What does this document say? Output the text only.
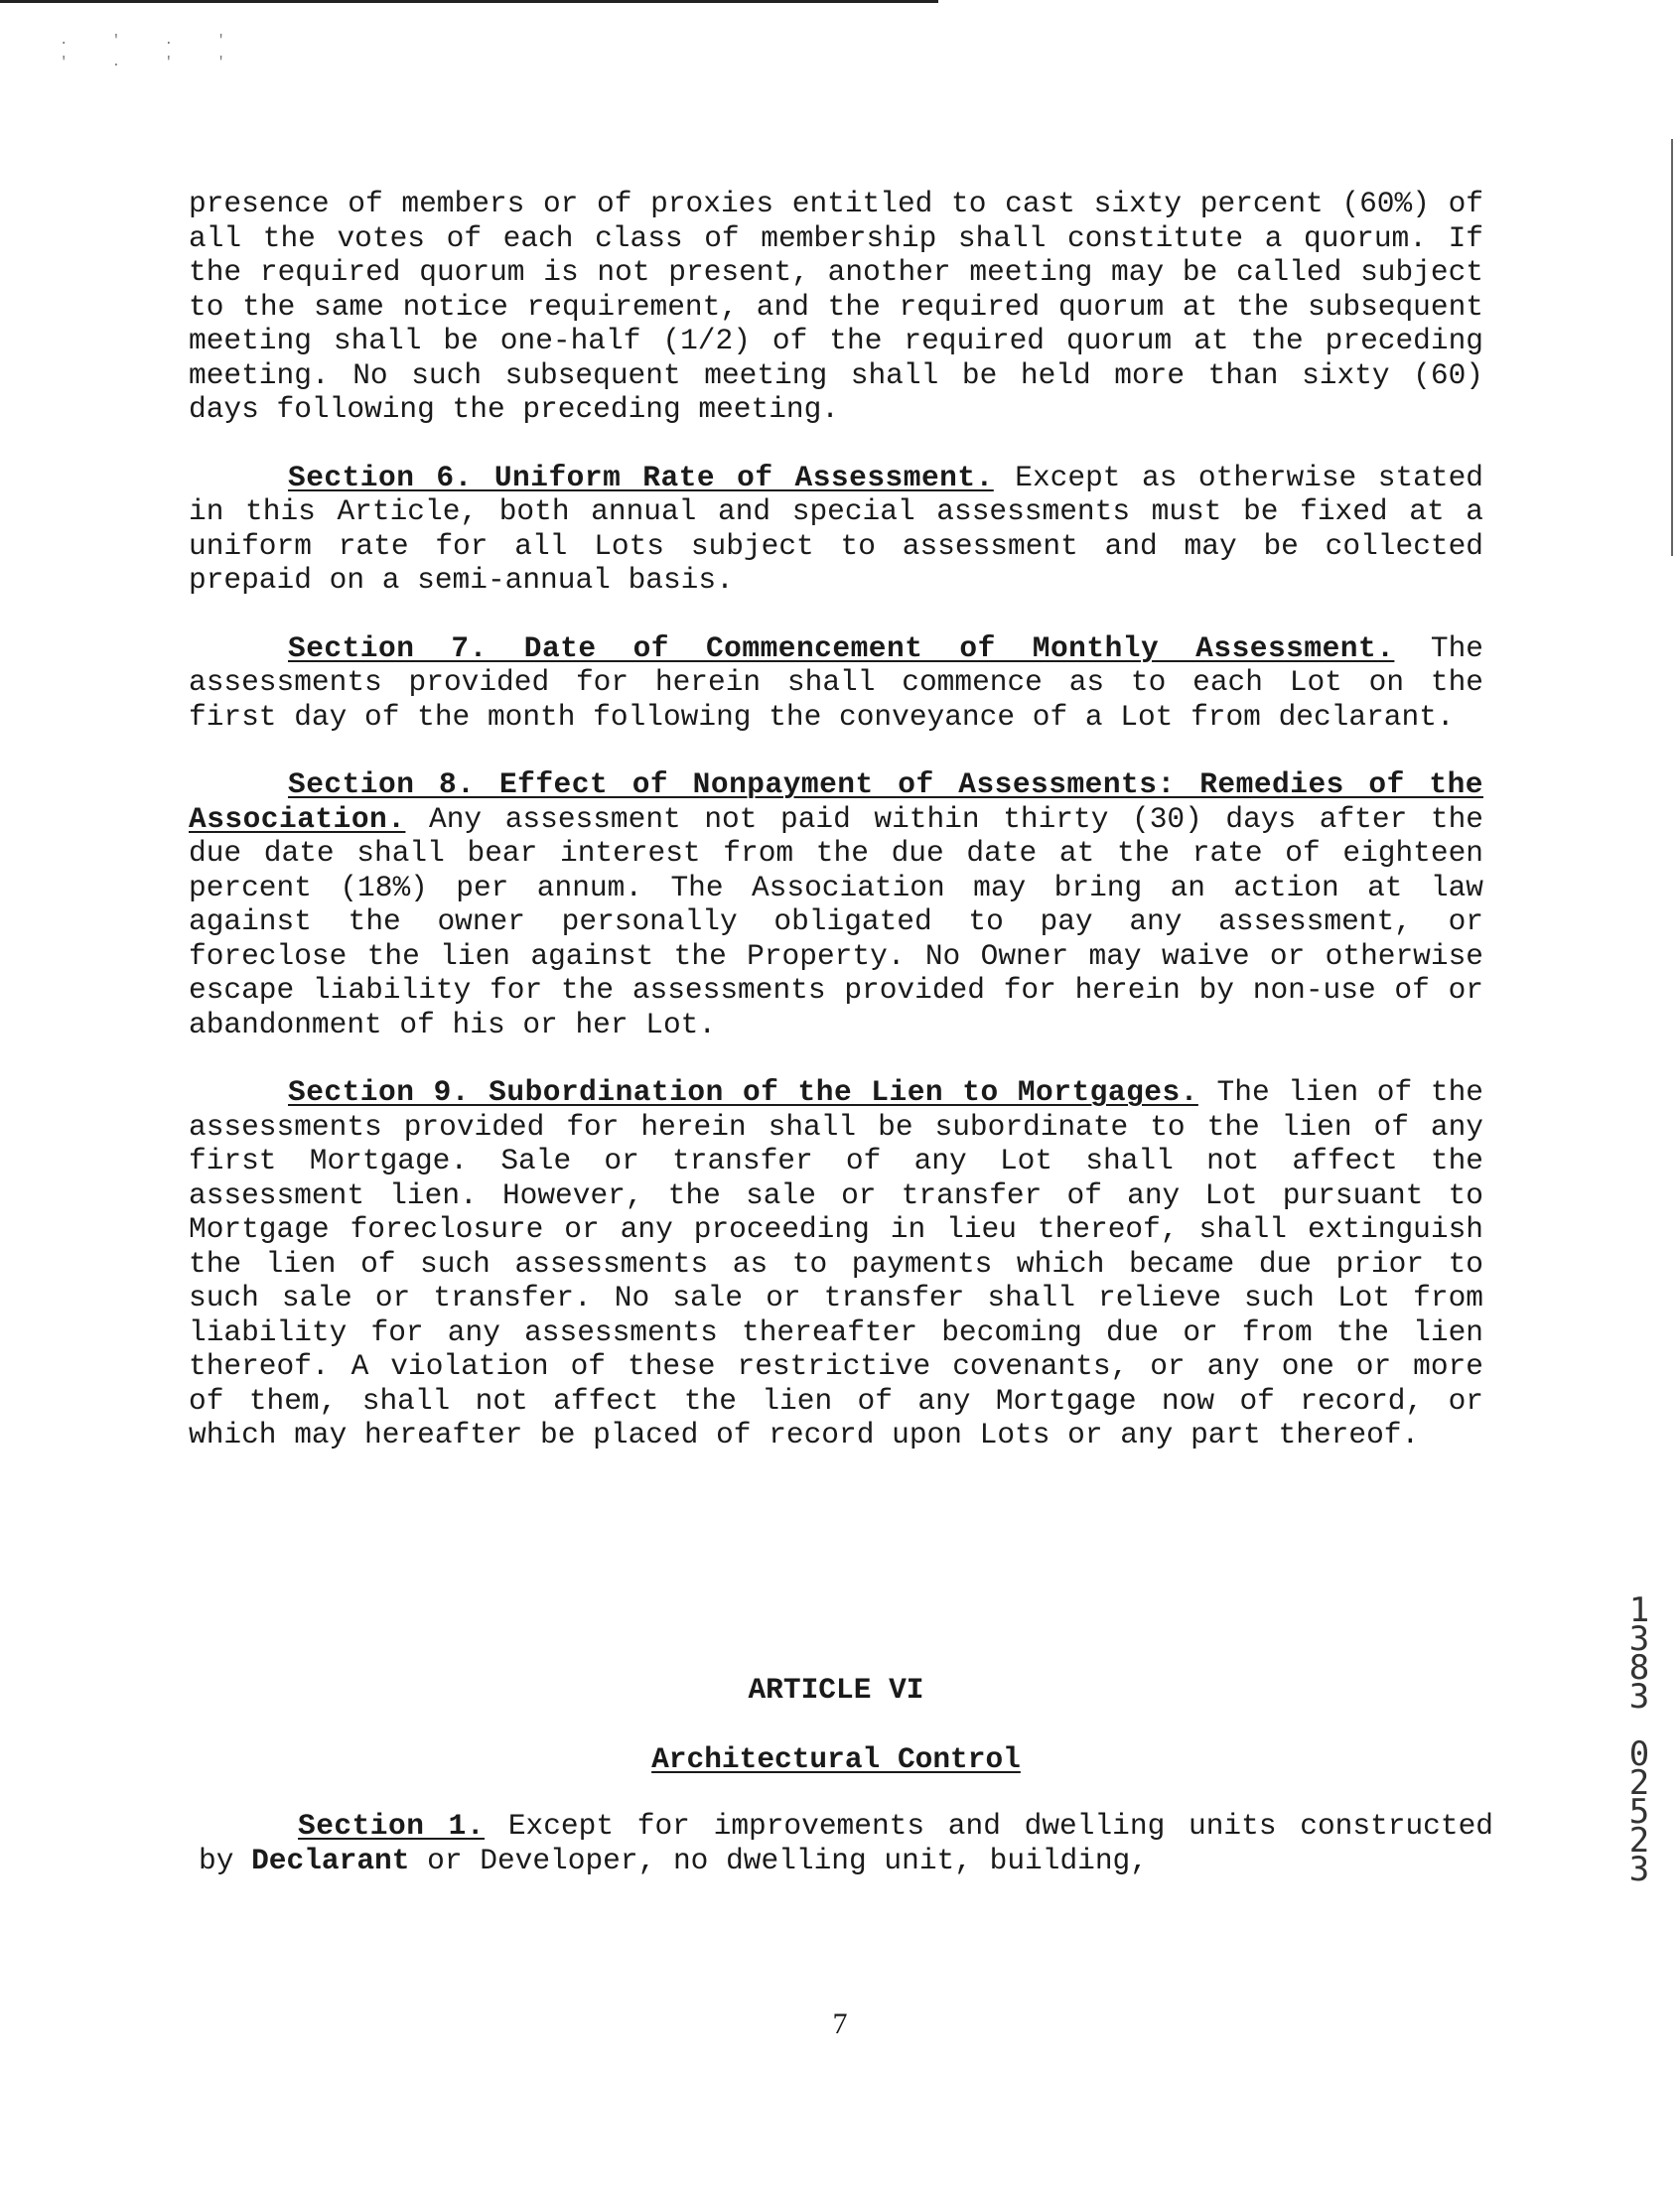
. ' . '
' . ' '

presence of members or of proxies entitled to cast sixty percent (60%) of all the votes of each class of membership shall constitute a quorum. If the required quorum is not present, another meeting may be called subject to the same notice requirement, and the required quorum at the subsequent meeting shall be one-half (1/2) of the required quorum at the preceding meeting. No such subsequent meeting shall be held more than sixty (60) days following the preceding meeting.

Section 6. Uniform Rate of Assessment. Except as otherwise stated in this Article, both annual and special assessments must be fixed at a uniform rate for all Lots subject to assessment and may be collected prepaid on a semi-annual basis.

Section 7. Date of Commencement of Monthly Assessment. The assessments provided for herein shall commence as to each Lot on the first day of the month following the conveyance of a Lot from declarant.

Section 8. Effect of Nonpayment of Assessments: Remedies of the Association. Any assessment not paid within thirty (30) days after the due date shall bear interest from the due date at the rate of eighteen percent (18%) per annum. The Association may bring an action at law against the owner personally obligated to pay any assessment, or foreclose the lien against the Property. No Owner may waive or otherwise escape liability for the assessments provided for herein by non-use of or abandonment of his or her Lot.

Section 9. Subordination of the Lien to Mortgages. The lien of the assessments provided for herein shall be subordinate to the lien of any first Mortgage. Sale or transfer of any Lot shall not affect the assessment lien. However, the sale or transfer of any Lot pursuant to Mortgage foreclosure or any proceeding in lieu thereof, shall extinguish the lien of such assessments as to payments which became due prior to such sale or transfer. No sale or transfer shall relieve such Lot from liability for any assessments thereafter becoming due or from the lien thereof. A violation of these restrictive covenants, or any one or more of them, shall not affect the lien of any Mortgage now of record, or which may hereafter be placed of record upon Lots or any part thereof.

ARTICLE VI
Architectural Control
Section 1. Except for improvements and dwelling units constructed by Declarant or Developer, no dwelling unit, building,
7
1
3
8
3

0
2
5
2
3
